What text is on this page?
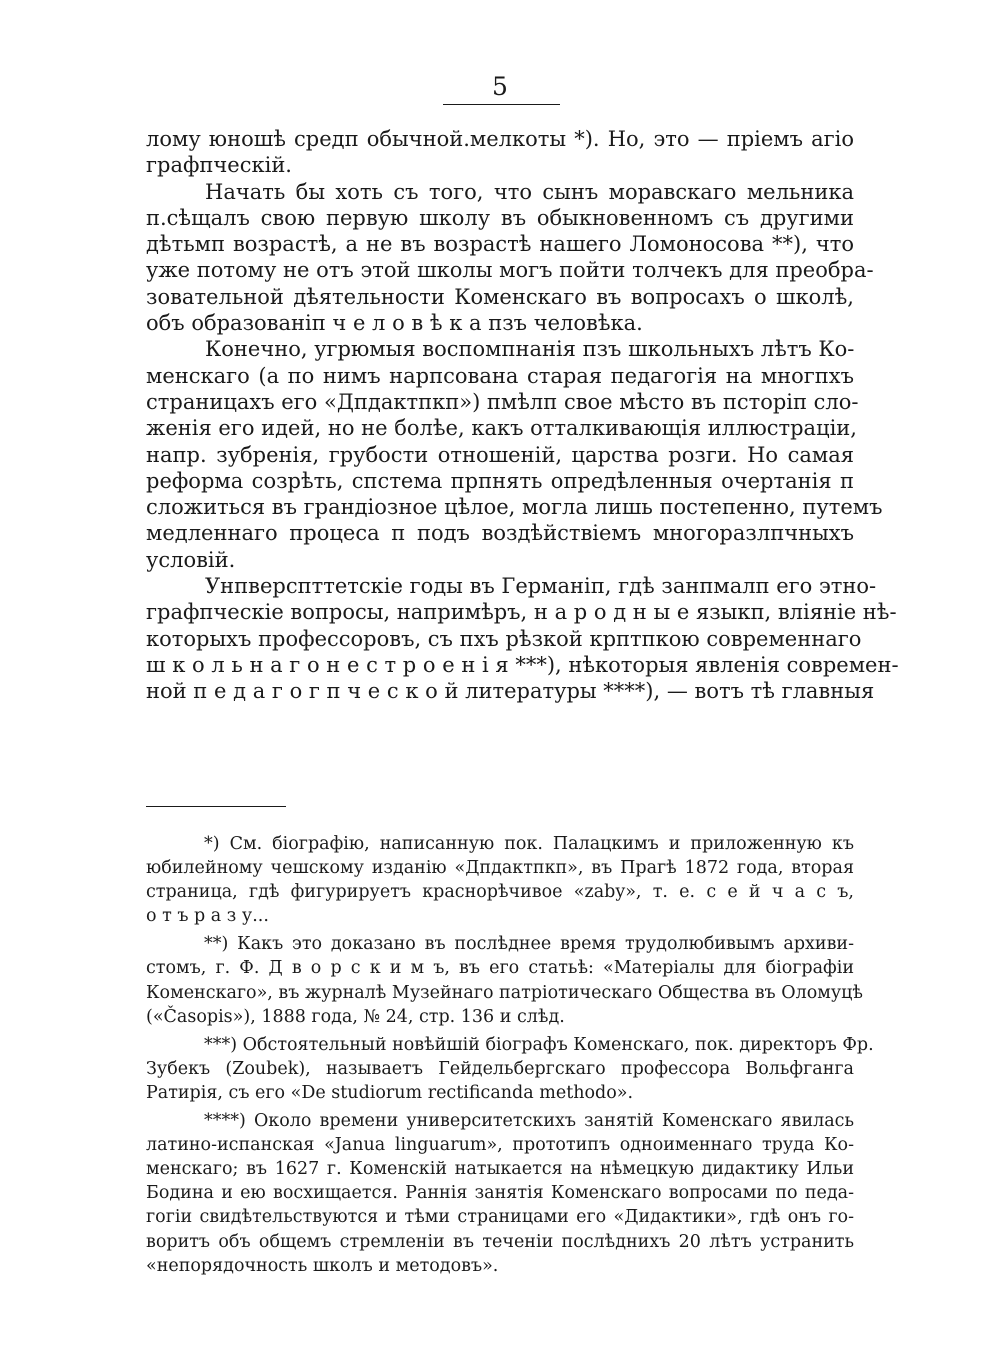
5
лому юношѣ средп обычной.мелкоты *). Но, это — пріемъ агіо
графпческій.
Начать бы хоть съ того, что сынъ моравскаго мельника
п.сѣщалъ свою первую школу въ обыкновенномъ съ другими
дѣтьмп возрастѣ, а не въ возрастѣ нашего Ломоносова **), что
уже потому не отъ этой школы могъ пойти толчекъ для преобра-
зовательной дѣятельности Коменскаго въ вопросахъ о школѣ,
объ образованіп ч е л о в ѣ к а пзъ человѣка.
Конечно, угрюмыя воспомпнанія пзъ школьныхъ лѣтъ Ко-
менскаго (а по нимъ нарпсована старая педагогія на многпхъ
страницахъ его «Дпдактпкп») пмѣлп свое мѣсто въ псторіп сло-
женія его идей, но не болѣе, какъ отталкивающія иллюстраціи,
напр. зубренія, грубости отношеній, царства розги. Но самая
реформа созрѣть, спстема прпнять опредѣленныя очертанія п
сложиться въ грандіозное цѣлое, могла лишь постепенно, путемъ
медленнаго процеса п подъ воздѣйствіемъ многоразлпчныхъ
условій.
Унпверспттетскіе годы въ Германіп, гдѣ занпмалп его этно-
графпческіе вопросы, напримѣръ, н а р о д н ы е языкп, вліяніе нѣ-
которыхъ профессоровъ, съ пхъ рѣзкой крптпкою современнаго
ш к о л ь н а г о н е с т р о е н і я ***), нѣкоторыя явленія современ-
ной п е д а г о г п ч е с к о й литературы ****), — вотъ тѣ главныя
*) См. біографію, написанную пок. Палацкимъ и приложенную къ
юбилейному чешскому изданію «Дпдактпкп», въ Прагѣ 1872 года, вторая
страница, гдѣ фигурируетъ краснорѣчивое «zaby», т. е. с е й ч а с ъ,
о т ъ р а з у...
**) Какъ это доказано въ послѣднее время трудолюбивымъ архиви-
стомъ, г. Ф. Д в о р с к и м ъ, въ его статьѣ: «Матеріалы для біографіи
Коменскаго», въ журналѣ Музейнаго патріотическаго Общества въ Оломуцѣ
(«Časopis»), 1888 года, № 24, стр. 136 и слѣд.
***) Обстоятельный новѣйшій біографъ Коменскаго, пок. директоръ Фр.
Зубекъ (Zoubek), называетъ Гейдельбергскаго профессора Вольфганга
Ратирія, съ его «De studiorum rectificanda methodo».
****) Около времени университетскихъ занятій Коменскаго явилась
латино-испанская «Janua linguarum», прототипъ одноименнаго труда Ко-
менскаго; въ 1627 г. Коменскій натыкается на нѣмецкую дидактику Ильи
Бодина и ею восхищается. Раннія занятія Коменскаго вопросами по педа-
гогіи свидѣтельствуются и тѣми страницами его «Дидактики», гдѣ онъ го-
воритъ объ общемъ стремленіи въ теченіи послѣднихъ 20 лѣтъ устранить
«непорядочность школъ и методовъ».
